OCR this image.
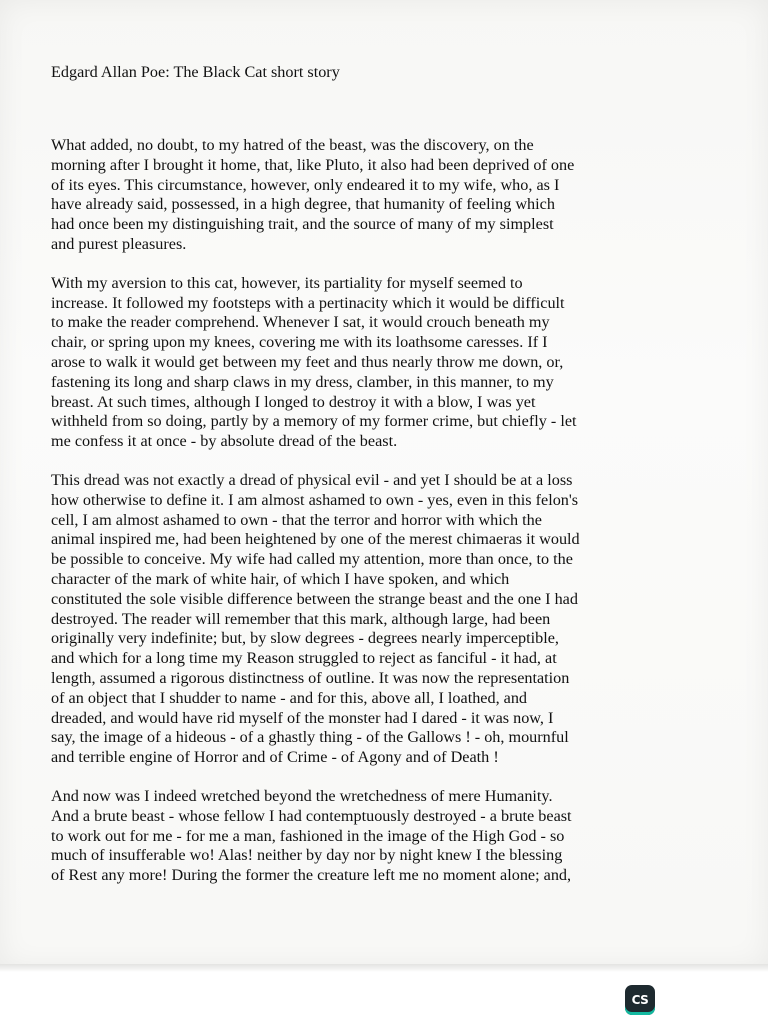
Edgard Allan Poe: The Black Cat short story

What added, no doubt, to my hatred of the beast, was the discovery, on the
morning after I brought it home, that, like Pluto, it also had been deprived of one
of its eyes. This circumstance, however, only endeared it to my wife, who, as I
have already said, possessed, in a high degree, that humanity of feeling which
had once been my distinguishing trait, and the source of many of my simplest
and purest pleasures.
With my aversion to this cat, however, its partiality for myself seemed to
increase. It followed my footsteps with a pertinacity which it would be difficult
to make the reader comprehend. Whenever I sat, it would crouch beneath my
chair, or spring upon my knees, covering me with its loathsome caresses. If I
arose to walk it would get between my feet and thus nearly throw me down, or,
fastening its long and sharp claws in my dress, clamber, in this manner, to my
breast. At such times, although I longed to destroy it with a blow, I was yet
withheld from so doing, partly by a memory of my former crime, but chiefly - let
me confess it at once - by absolute dread of the beast.
This dread was not exactly a dread of physical evil - and yet I should be at a loss
how otherwise to define it. I am almost ashamed to own - yes, even in this felon's
cell, I am almost ashamed to own - that the terror and horror with which the
animal inspired me, had been heightened by one of the merest chimaeras it would
be possible to conceive. My wife had called my attention, more than once, to the
character of the mark of white hair, of which I have spoken, and which
constituted the sole visible difference between the strange beast and the one I had
destroyed. The reader will remember that this mark, although large, had been
originally very indefinite; but, by slow degrees - degrees nearly imperceptible,
and which for a long time my Reason struggled to reject as fanciful - it had, at
length, assumed a rigorous distinctness of outline. It was now the representation
of an object that I shudder to name - and for this, above all, I loathed, and
dreaded, and would have rid myself of the monster had I dared - it was now, I
say, the image of a hideous - of a ghastly thing - of the Gallows ! - oh, mournful
and terrible engine of Horror and of Crime - of Agony and of Death !
And now was I indeed wretched beyond the wretchedness of mere Humanity.
And a brute beast - whose fellow I had contemptuously destroyed - a brute beast
to work out for me - for me a man, fashioned in the image of the High God - so
much of insufferable wo! Alas! neither by day nor by night knew I the blessing
of Rest any more! During the former the creature left me no moment alone; and,
CS
